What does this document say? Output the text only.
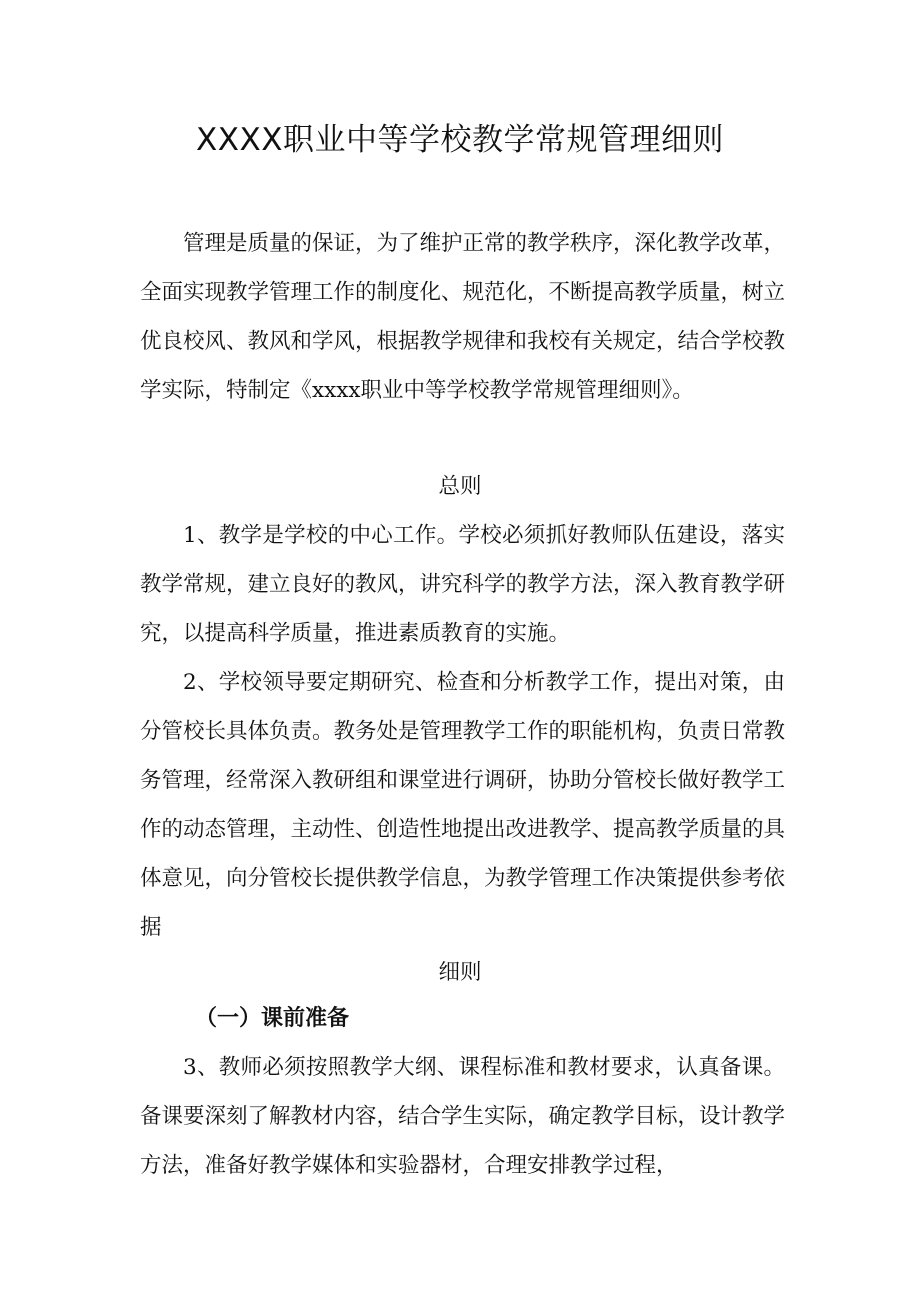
XXXX职业中等学校教学常规管理细则

管理是质量的保证，为了维护正常的教学秩序，深化教学改革，全面实现教学管理工作的制度化、规范化，不断提高教学质量，树立优良校风、教风和学风，根据教学规律和我校有关规定，结合学校教学实际，特制定《xxxx职业中等学校教学常规管理细则》。

总则

1、教学是学校的中心工作。学校必须抓好教师队伍建设，落实教学常规，建立良好的教风，讲究科学的教学方法，深入教育教学研究，以提高科学质量，推进素质教育的实施。

2、学校领导要定期研究、检查和分析教学工作，提出对策，由分管校长具体负责。教务处是管理教学工作的职能机构，负责日常教务管理，经常深入教研组和课堂进行调研，协助分管校长做好教学工作的动态管理，主动性、创造性地提出改进教学、提高教学质量的具体意见，向分管校长提供教学信息，为教学管理工作决策提供参考依据

细则
（一）课前准备

3、教师必须按照教学大纲、课程标准和教材要求，认真备课。备课要深刻了解教材内容，结合学生实际，确定教学目标，设计教学方法，准备好教学媒体和实验器材，合理安排教学过程，
